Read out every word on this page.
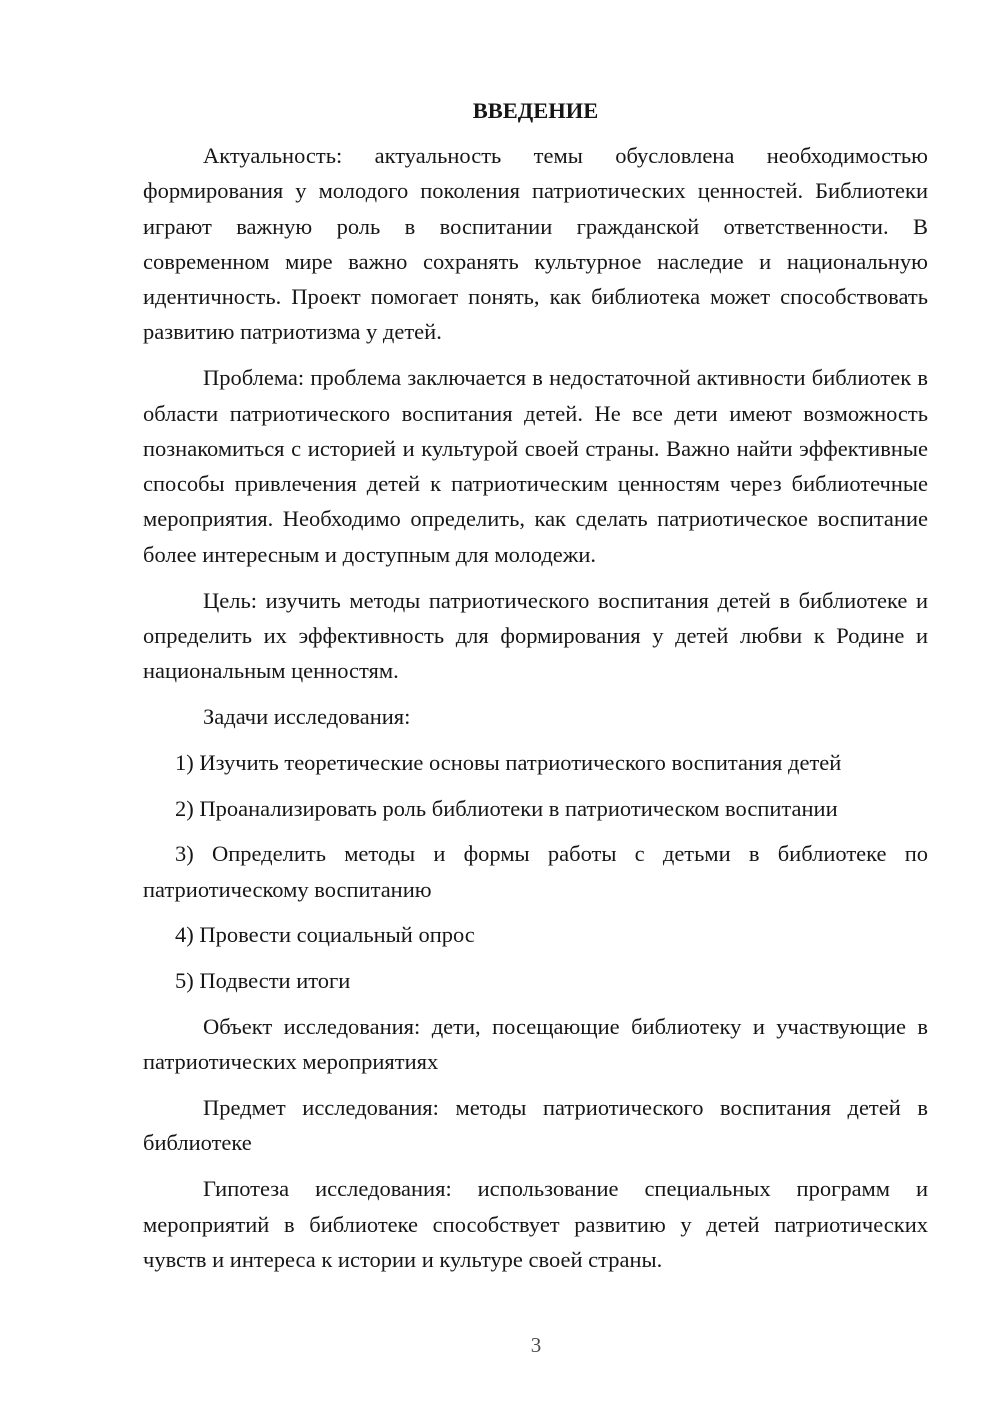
ВВЕДЕНИЕ

Актуальность: актуальность темы обусловлена необходимостью формирования у молодого поколения патриотических ценностей. Библиотеки играют важную роль в воспитании гражданской ответственности. В современном мире важно сохранять культурное наследие и национальную идентичность. Проект помогает понять, как библиотека может способствовать развитию патриотизма у детей.

Проблема: проблема заключается в недостаточной активности библиотек в области патриотического воспитания детей. Не все дети имеют возможность познакомиться с историей и культурой своей страны. Важно найти эффективные способы привлечения детей к патриотическим ценностям через библиотечные мероприятия. Необходимо определить, как сделать патриотическое воспитание более интересным и доступным для молодежи.

Цель: изучить методы патриотического воспитания детей в библиотеке и определить их эффективность для формирования у детей любви к Родине и национальным ценностям.

Задачи исследования:

1) Изучить теоретические основы патриотического воспитания детей

2) Проанализировать роль библиотеки в патриотическом воспитании

3) Определить методы и формы работы с детьми в библиотеке по патриотическому воспитанию

4) Провести социальный опрос

5) Подвести итоги

Объект исследования: дети, посещающие библиотеку и участвующие в патриотических мероприятиях

Предмет исследования: методы патриотического воспитания детей в библиотеке

Гипотеза исследования: использование специальных программ и мероприятий в библиотеке способствует развитию у детей патриотических чувств и интереса к истории и культуре своей страны.

3
